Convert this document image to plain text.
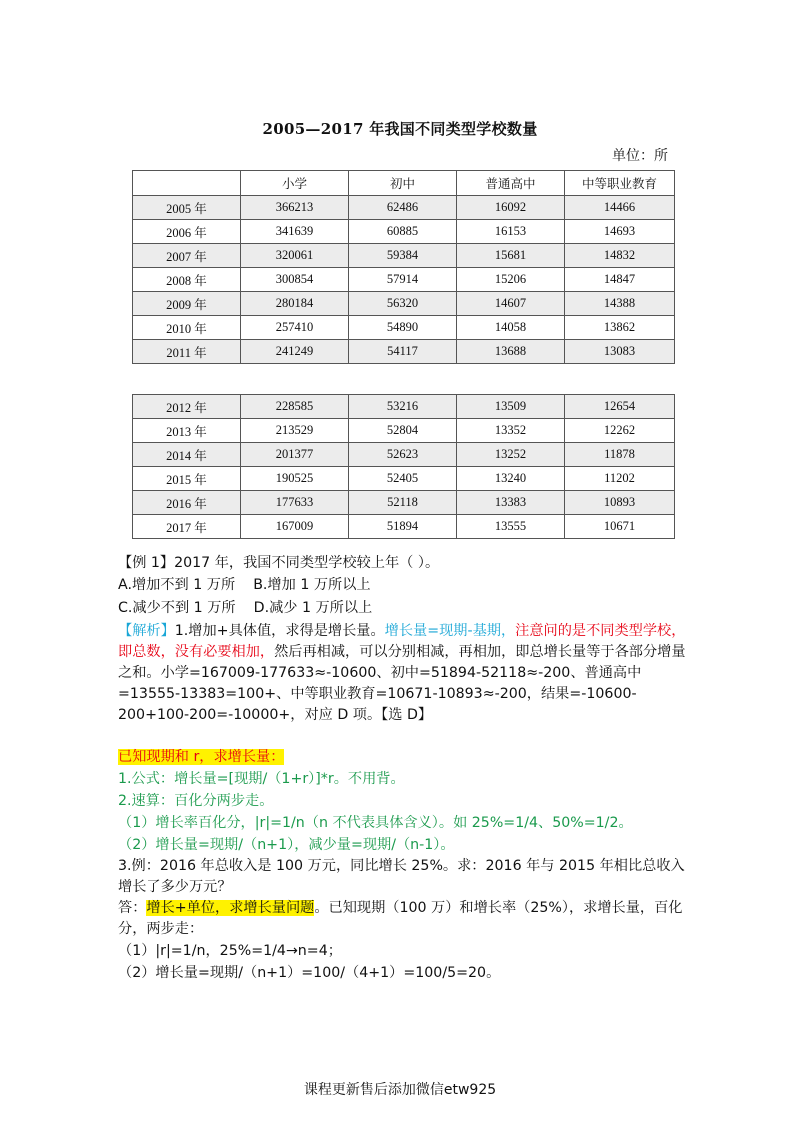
2005—2017 年我国不同类型学校数量
单位：所
	小学	初中	普通高中	中等职业教育
2005 年	366213	62486	16092	14466
2006 年	341639	60885	16153	14693
2007 年	320061	59384	15681	14832
2008 年	300854	57914	15206	14847
2009 年	280184	56320	14607	14388
2010 年	257410	54890	14058	13862
2011 年	241249	54117	13688	13083
2012 年	228585	53216	13509	12654
2013 年	213529	52804	13352	12262
2014 年	201377	52623	13252	11878
2015 年	190525	52405	13240	11202
2016 年	177633	52118	13383	10893
2017 年	167009	51894	13555	10671
【例 1】2017 年，我国不同类型学校较上年（ ）。
A.增加不到 1 万所 B.增加 1 万所以上
C.减少不到 1 万所 D.减少 1 万所以上
【解析】1.增加+具体值，求得是增长量。增长量=现期-基期，注意问的是不同类型学校，即总数，没有必要相加，然后再相减，可以分别相减，再相加，即总增长量等于各部分增量之和。小学=167009-177633≈-10600、初中=51894-52118≈-200、普通高中=13555-13383=100+、中等职业教育=10671-10893≈-200，结果=-10600-200+100-200=-10000+，对应 D 项。【选 D】
已知现期和 r，求增长量：
1.公式：增长量=[现期/（1+r）]*r。不用背。
2.速算：百化分两步走。
（1）增长率百化分，|r|=1/n（n 不代表具体含义）。如 25%=1/4、50%=1/2。
（2）增长量=现期/（n+1），减少量=现期/（n-1）。
3.例：2016 年总收入是 100 万元，同比增长 25%。求：2016 年与 2015 年相比总收入增长了多少万元？
答：增长+单位，求增长量问题。已知现期（100 万）和增长率（25%），求增长量，百化分，两步走：
（1）|r|=1/n，25%=1/4→n=4；
（2）增长量=现期/（n+1）=100/（4+1）=100/5=20。
课程更新售后添加微信etw925
